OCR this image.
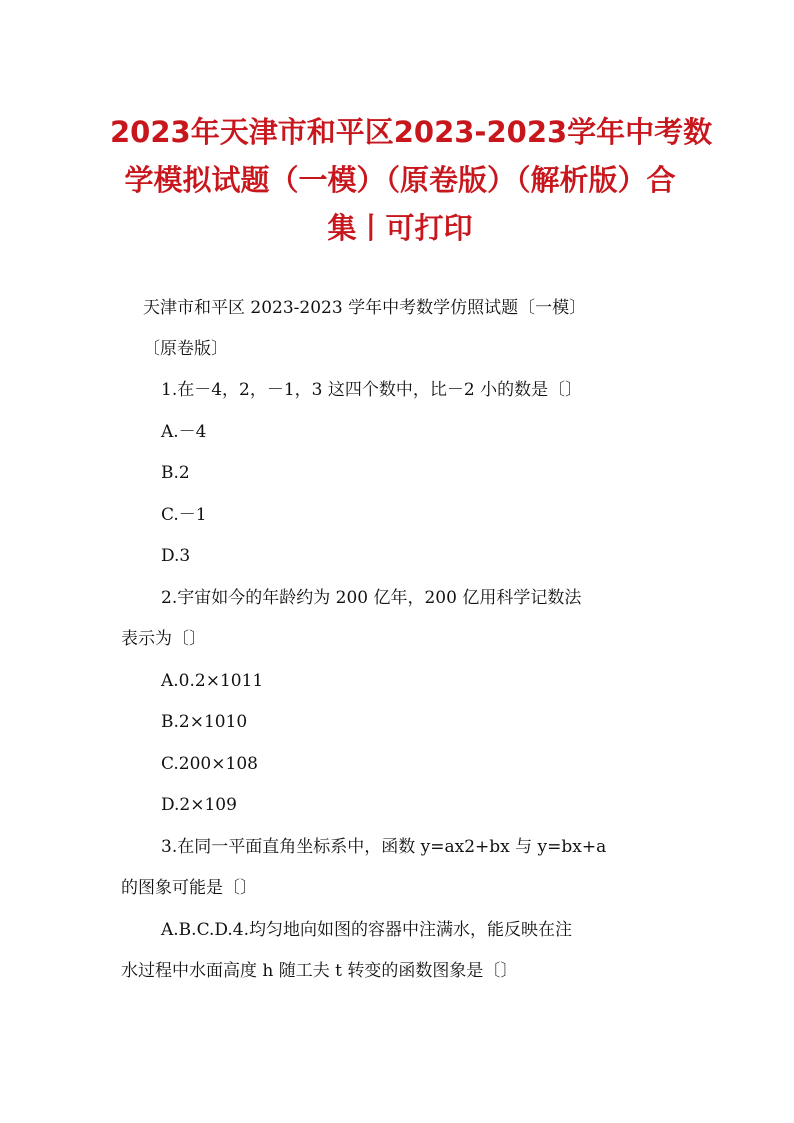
2023年天津市和平区2023-2023学年中考数
学模拟试题（一模）（原卷版）（解析版）合
集丨可打印
天津市和平区 2023-2023 学年中考数学仿照试题〔一模〕
〔原卷版〕
1.在－4，2，－1，3 这四个数中，比－2 小的数是〔〕
A.－4
B.2
C.－1
D.3
2.宇宙如今的年龄约为 200 亿年，200 亿用科学记数法
表示为〔〕
A.0.2×1011
B.2×1010
C.200×108
D.2×109
3.在同一平面直角坐标系中，函数 y=ax2+bx 与 y=bx+a
的图象可能是〔〕
A.B.C.D.4.均匀地向如图的容器中注满水，能反映在注
水过程中水面高度 h 随工夫 t 转变的函数图象是〔〕
